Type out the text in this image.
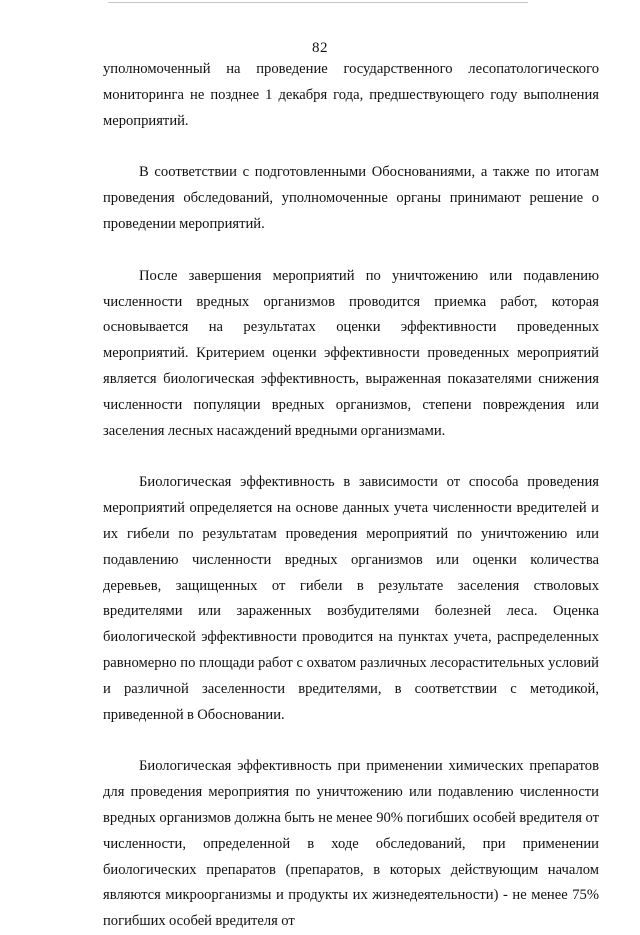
82

уполномоченный на проведение государственного лесопатологического мониторинга не позднее 1 декабря года, предшествующего году выполнения мероприятий.

В соответствии с подготовленными Обоснованиями, а также по итогам проведения обследований, уполномоченные органы принимают решение о проведении мероприятий.

После завершения мероприятий по уничтожению или подавлению численности вредных организмов проводится приемка работ, которая основывается на результатах оценки эффективности проведенных мероприятий. Критерием оценки эффективности проведенных мероприятий является биологическая эффективность, выраженная показателями снижения численности популяции вредных организмов, степени повреждения или заселения лесных насаждений вредными организмами.

Биологическая эффективность в зависимости от способа проведения мероприятий определяется на основе данных учета численности вредителей и их гибели по результатам проведения мероприятий по уничтожению или подавлению численности вредных организмов или оценки количества деревьев, защищенных от гибели в результате заселения стволовых вредителями или зараженных возбудителями болезней леса. Оценка биологической эффективности проводится на пунктах учета, распределенных равномерно по площади работ с охватом различных лесорастительных условий и различной заселенности вредителями, в соответствии с методикой, приведенной в Обосновании.

Биологическая эффективность при применении химических препаратов для проведения мероприятия по уничтожению или подавлению численности вредных организмов должна быть не менее 90% погибших особей вредителя от численности, определенной в ходе обследований, при применении биологических препаратов (препаратов, в которых действующим началом являются микроорганизмы и продукты их жизнедеятельности) - не менее 75% погибших особей вредителя от
